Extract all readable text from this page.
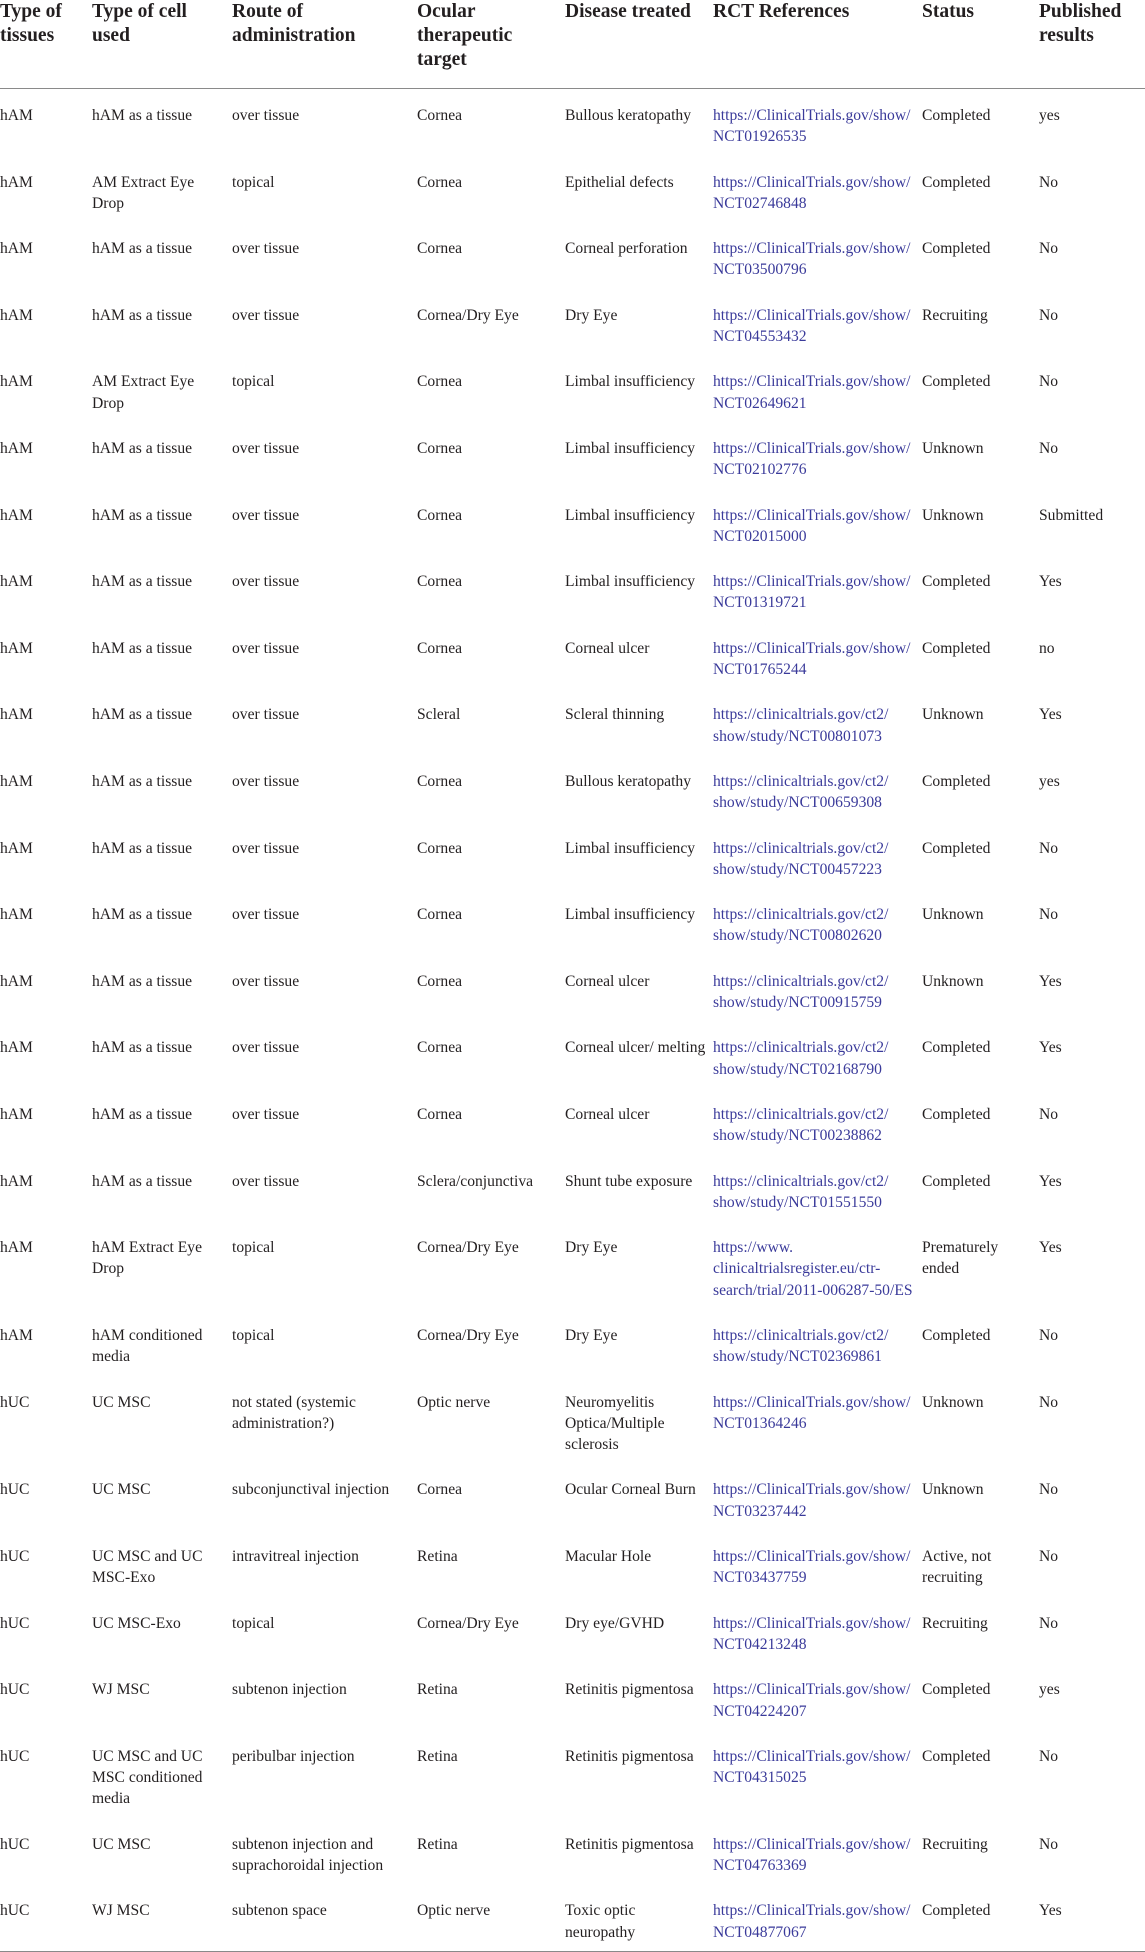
Type of tissues	Type of cell used	Route of administration	Ocular therapeutic target	Disease treated	RCT References	Status	Published results
hAM	hAM as a tissue	over tissue	Cornea	Bullous keratopathy	https://ClinicalTrials.gov/show/NCT01926535	Completed	yes
hAM	AM Extract Eye Drop	topical	Cornea	Epithelial defects	https://ClinicalTrials.gov/show/NCT02746848	Completed	No
hAM	hAM as a tissue	over tissue	Cornea	Corneal perforation	https://ClinicalTrials.gov/show/NCT03500796	Completed	No
hAM	hAM as a tissue	over tissue	Cornea/Dry Eye	Dry Eye	https://ClinicalTrials.gov/show/NCT04553432	Recruiting	No
hAM	AM Extract Eye Drop	topical	Cornea	Limbal insufficiency	https://ClinicalTrials.gov/show/NCT02649621	Completed	No
hAM	hAM as a tissue	over tissue	Cornea	Limbal insufficiency	https://ClinicalTrials.gov/show/NCT02102776	Unknown	No
hAM	hAM as a tissue	over tissue	Cornea	Limbal insufficiency	https://ClinicalTrials.gov/show/NCT02015000	Unknown	Submitted
hAM	hAM as a tissue	over tissue	Cornea	Limbal insufficiency	https://ClinicalTrials.gov/show/NCT01319721	Completed	Yes
hAM	hAM as a tissue	over tissue	Cornea	Corneal ulcer	https://ClinicalTrials.gov/show/NCT01765244	Completed	no
hAM	hAM as a tissue	over tissue	Scleral	Scleral thinning	https://clinicaltrials.gov/ct2/show/study/NCT00801073	Unknown	Yes
hAM	hAM as a tissue	over tissue	Cornea	Bullous keratopathy	https://clinicaltrials.gov/ct2/show/study/NCT00659308	Completed	yes
hAM	hAM as a tissue	over tissue	Cornea	Limbal insufficiency	https://clinicaltrials.gov/ct2/show/study/NCT00457223	Completed	No
hAM	hAM as a tissue	over tissue	Cornea	Limbal insufficiency	https://clinicaltrials.gov/ct2/show/study/NCT00802620	Unknown	No
hAM	hAM as a tissue	over tissue	Cornea	Corneal ulcer	https://clinicaltrials.gov/ct2/show/study/NCT00915759	Unknown	Yes
hAM	hAM as a tissue	over tissue	Cornea	Corneal ulcer/ melting	https://clinicaltrials.gov/ct2/show/study/NCT02168790	Completed	Yes
hAM	hAM as a tissue	over tissue	Cornea	Corneal ulcer	https://clinicaltrials.gov/ct2/show/study/NCT00238862	Completed	No
hAM	hAM as a tissue	over tissue	Sclera/conjunctiva	Shunt tube exposure	https://clinicaltrials.gov/ct2/show/study/NCT01551550	Completed	Yes
hAM	hAM Extract Eye Drop	topical	Cornea/Dry Eye	Dry Eye	https://www.clinicaltrialsregister.eu/ctr-search/trial/2011-006287-50/ES	Prematurely ended	Yes
hAM	hAM conditioned media	topical	Cornea/Dry Eye	Dry Eye	https://clinicaltrials.gov/ct2/show/study/NCT02369861	Completed	No
hUC	UC MSC	not stated (systemic administration?)	Optic nerve	Neuromyelitis Optica/Multiple sclerosis	https://ClinicalTrials.gov/show/NCT01364246	Unknown	No
hUC	UC MSC	subconjunctival injection	Cornea	Ocular Corneal Burn	https://ClinicalTrials.gov/show/NCT03237442	Unknown	No
hUC	UC MSC and UC MSC-Exo	intravitreal injection	Retina	Macular Hole	https://ClinicalTrials.gov/show/NCT03437759	Active, not recruiting	No
hUC	UC MSC-Exo	topical	Cornea/Dry Eye	Dry eye/GVHD	https://ClinicalTrials.gov/show/NCT04213248	Recruiting	No
hUC	WJ MSC	subtenon injection	Retina	Retinitis pigmentosa	https://ClinicalTrials.gov/show/NCT04224207	Completed	yes
hUC	UC MSC and UC MSC conditioned media	peribulbar injection	Retina	Retinitis pigmentosa	https://ClinicalTrials.gov/show/NCT04315025	Completed	No
hUC	UC MSC	subtenon injection and suprachoroidal injection	Retina	Retinitis pigmentosa	https://ClinicalTrials.gov/show/NCT04763369	Recruiting	No
hUC	WJ MSC	subtenon space	Optic nerve	Toxic optic neuropathy	https://ClinicalTrials.gov/show/NCT04877067	Completed	Yes
